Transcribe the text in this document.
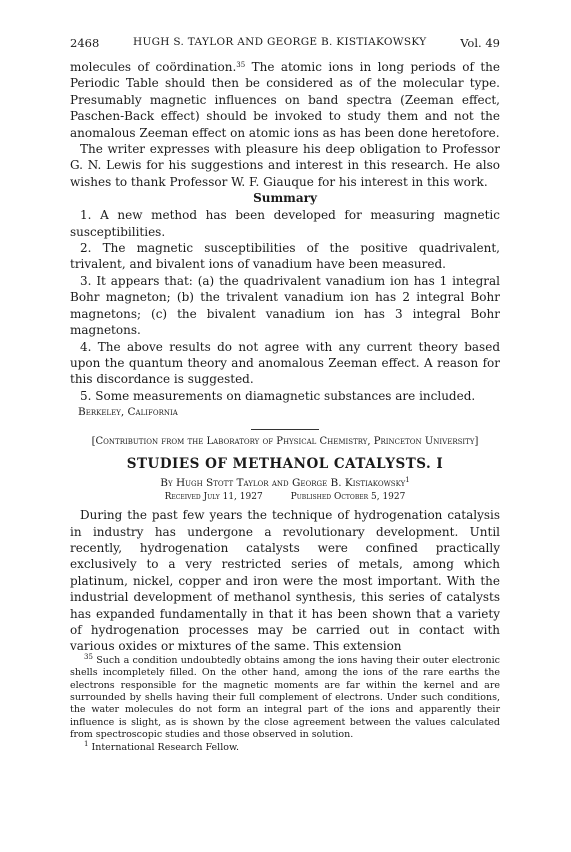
2468	HUGH S. TAYLOR AND GEORGE B. KISTIAKOWSKY	Vol. 49

molecules of coördination.$^{35}$ The atomic ions in long periods of the Periodic Table should then be considered as of the molecular type. Presumably magnetic influences on band spectra (Zeeman effect, Paschen-Back effect) should be invoked to study them and not the anomalous Zeeman effect on atomic ions as has been done heretofore.

The writer expresses with pleasure his deep obligation to Professor G. N. Lewis for his suggestions and interest in this research. He also wishes to thank Professor W. F. Giauque for his interest in this work.

Summary

1. A new method has been developed for measuring magnetic susceptibilities.

2. The magnetic susceptibilities of the positive quadrivalent, trivalent, and bivalent ions of vanadium have been measured.

3. It appears that: (a) the quadrivalent vanadium ion has 1 integral Bohr magneton; (b) the trivalent vanadium ion has 2 integral Bohr magnetons; (c) the bivalent vanadium ion has 3 integral Bohr magnetons.

4. The above results do not agree with any current theory based upon the quantum theory and anomalous Zeeman effect. A reason for this discordance is suggested.

5. Some measurements on diamagnetic substances are included.

Berkeley, California
[Contribution from the Laboratory of Physical Chemistry, Princeton University]
STUDIES OF METHANOL CATALYSTS. I
By Hugh Stott Taylor and George B. Kistiakowsky$^1$
Received July 11, 1927	Published October 5, 1927

During the past few years the technique of hydrogenation catalysis in industry has undergone a revolutionary development. Until recently, hydrogenation catalysts were confined practically exclusively to a very restricted series of metals, among which platinum, nickel, copper and iron were the most important. With the industrial development of methanol synthesis, this series of catalysts has expanded fundamentally in that it has been shown that a variety of hydrogenation processes may be carried out in contact with various oxides or mixtures of the same. This extension

$^{35}$ Such a condition undoubtedly obtains among the ions having their outer electronic shells incompletely filled. On the other hand, among the ions of the rare earths the electrons responsible for the magnetic moments are far within the kernel and are surrounded by shells having their full complement of electrons. Under such conditions, the water molecules do not form an integral part of the ions and apparently their influence is slight, as is shown by the close agreement between the values calculated from spectroscopic studies and those observed in solution.

$^1$ International Research Fellow.
